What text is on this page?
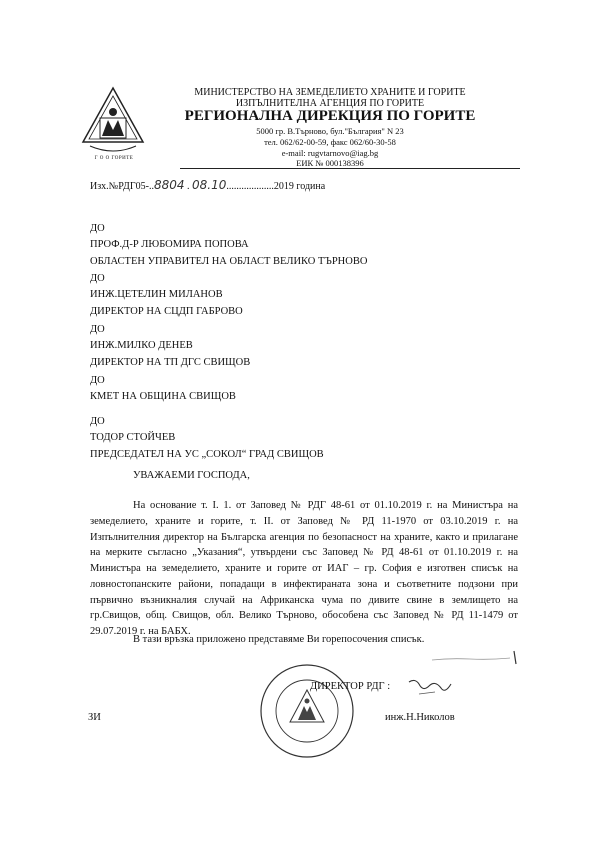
Г О О ГОРИТЕ
МИНИСТЕРСТВО НА ЗЕМЕДЕЛИЕТО ХРАНИТЕ И ГОРИТЕ
ИЗПЪЛНИТЕЛНА АГЕНЦИЯ ПО ГОРИТЕ
РЕГИОНАЛНА ДИРЕКЦИЯ ПО ГОРИТЕ
5000 гр. В.Търново, бул."България" N 23
тел. 062/62-00-59, факс 062/60-30-58
e-mail: rugvtarnovo@iag.bg
ЕИК № 000138396
Изх.№РДГ05-..8804 . 08.10...................2019 година
ДО
ПРОФ.Д-Р ЛЮБОМИРА ПОПОВА
ОБЛАСТЕН УПРАВИТЕЛ НА ОБЛАСТ ВЕЛИКО ТЪРНОВО
ДО
ИНЖ.ЦЕТЕЛИН МИЛАНОВ
ДИРЕКТОР НА СЦДП ГАБРОВО
ДО
ИНЖ.МИЛКО ДЕНЕВ
ДИРЕКТОР НА ТП ДГС СВИЩОВ
ДО
КМЕТ НА ОБЩИНА СВИЩОВ
ДО
ТОДОР СТОЙЧЕВ
ПРЕДСЕДАТЕЛ НА УС „СОКОЛ“ ГРАД СВИЩОВ
УВАЖАЕМИ ГОСПОДА,
На основание т. I. 1. от Заповед № РДГ 48-61 от 01.10.2019 г. на Министъра на земеделието, храните и горите, т. II. от Заповед № РД 11-1970 от 03.10.2019 г. на Изпълнителния директор на Българска агенция по безопасност на храните, както и прилагане на мерките съгласно „Указания“, утвърдени със Заповед № РД 48-61 от 01.10.2019 г. на Министъра на земеделието, храните и горите от ИАГ – гр. София е изготвен списък на ловностопанските райони, попадащи в инфектираната зона и съответните подзони при първично възникналия случай на Африканска чума по дивите свине в землището на гр.Свищов, общ. Свищов, обл. Велико Търново, обособена със Заповед № РД 11-1479 от 29.07.2019 г. на БАБХ.
В тази връзка приложено представяме Ви горепосочения списък.
ДИРЕКТОР РДГ :
ЗИ	инж.Н.Николов
